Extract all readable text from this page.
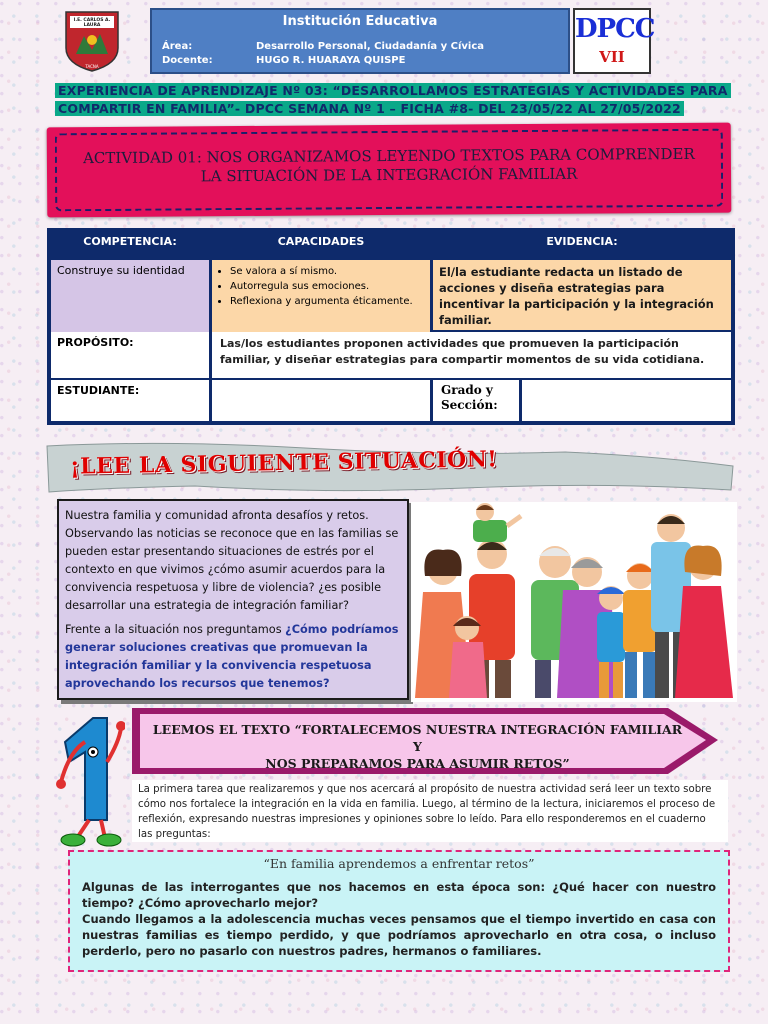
I.E. CARLOS A. LAURA
TACNA
Institución Educativa
Área:	Desarrollo Personal, Ciudadanía y Cívica
Docente:	HUGO R. HUARAYA QUISPE
DPCC
VII
EXPERIENCIA DE APRENDIZAJE Nº 03: “DESARROLLAMOS ESTRATEGIAS Y ACTIVIDADES PARA
COMPARTIR EN FAMILIA”- DPCC SEMANA Nº 1 – FICHA #8- DEL 23/05/22 AL 27/05/2022
ACTIVIDAD 01: NOS ORGANIZAMOS LEYENDO TEXTOS PARA COMPRENDER
LA SITUACIÓN DE LA INTEGRACIÓN FAMILIAR
COMPETENCIA:	CAPACIDADES	EVIDENCIA:
Construye su identidad
•	Se valora a sí mismo.
• Autorregula sus emociones.
• Reflexiona y argumenta éticamente.
El/la estudiante redacta un listado de acciones y diseña estrategias para incentivar la participación y la integración familiar.
PROPÓSITO:	Las/los estudiantes proponen actividades que promueven la participación familiar, y diseñar estrategias para compartir momentos de su vida cotidiana.
ESTUDIANTE:	Grado y Sección:
¡LEE LA SIGUIENTE SITUACIÓN!

Nuestra familia y comunidad afronta desafíos y retos. Observando las noticias se reconoce que en las familias se pueden estar presentando situaciones de estrés por el contexto en que vivimos ¿cómo asumir acuerdos para la convivencia respetuosa y libre de violencia? ¿es posible desarrollar una estrategia de integración familiar?

Frente a la situación nos preguntamos ¿Cómo podríamos generar soluciones creativas que promuevan la integración familiar y la convivencia respetuosa aprovechando los recursos que tenemos?

LEEMOS EL TEXTO “FORTALECEMOS NUESTRA INTEGRACIÓN FAMILIAR Y
NOS PREPARAMOS PARA ASUMIR RETOS”
La primera tarea que realizaremos y que nos acercará al propósito de nuestra actividad será leer un texto sobre cómo nos fortalece la integración en la vida en familia. Luego, al término de la lectura, iniciaremos el proceso de reflexión, expresando nuestras impresiones y opiniones sobre lo leído. Para ello responderemos en el cuaderno las preguntas:
“En familia aprendemos a enfrentar retos”

Algunas de las interrogantes que nos hacemos en esta época son: ¿Qué hacer con nuestro tiempo? ¿Cómo aprovecharlo mejor?

Cuando llegamos a la adolescencia muchas veces pensamos que el tiempo invertido en casa con nuestras familias es tiempo perdido, y que podríamos aprovecharlo en otra cosa, o incluso perderlo, pero no pasarlo con nuestros padres, hermanos o familiares.
